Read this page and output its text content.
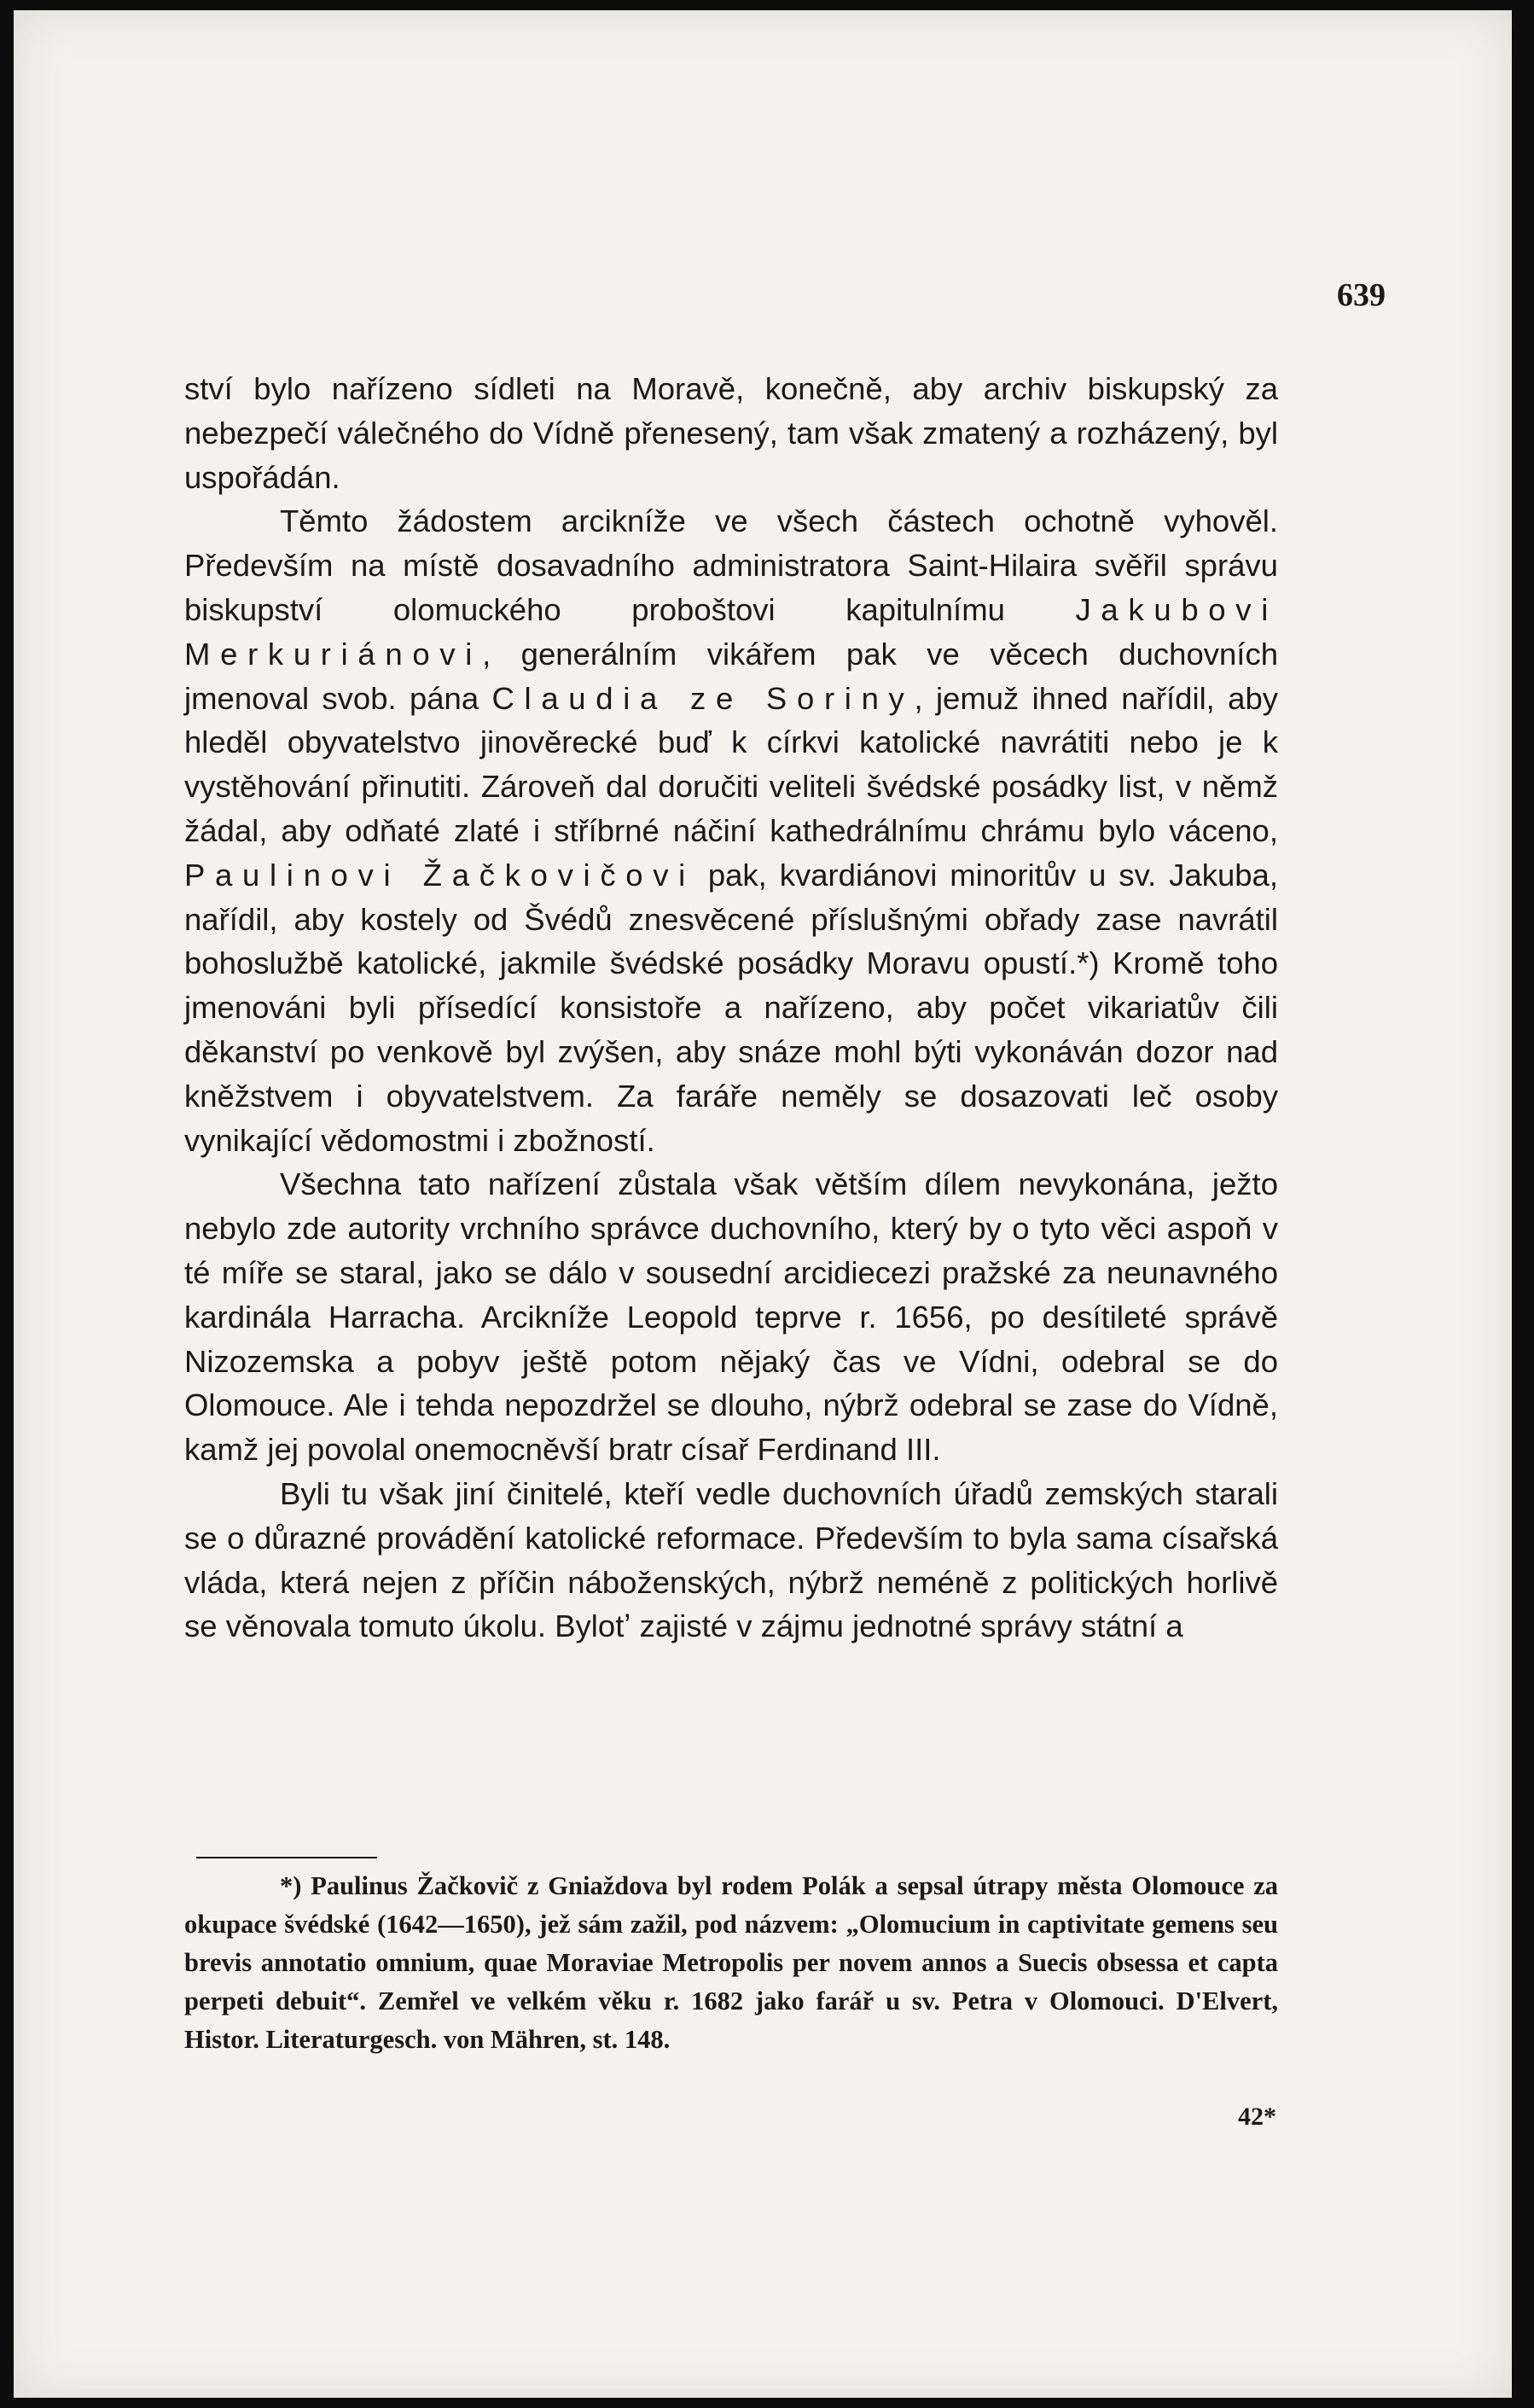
639

ství bylo nařízeno sídleti na Moravě, konečně, aby archiv biskupský za nebezpečí válečného do Vídně přenesený, tam však zmatený a rozházený, byl uspořádán.

Těmto žádostem arcikníže ve všech částech ochotně vyhověl. Především na místě dosavadního administratora Saint-Hilaira svěřil správu biskupství olomuckého proboštovi kapitulnímu Jakubovi Merkuriánovi, generálním vikářem pak ve věcech duchovních jmenoval svob. pána Claudia ze Soriny, jemuž ihned nařídil, aby hleděl obyvatelstvo jinověrecké buď k církvi katolické navrátiti nebo je k vystěhování přinutiti. Zároveň dal doručiti veliteli švédské posádky list, v němž žádal, aby odňaté zlaté i stříbrné náčiní kathedrálnímu chrámu bylo váceno, Paulinovi Žačkovičovi pak, kvardiánovi minoritův u sv. Jakuba, nařídil, aby kostely od Švédů znesvěcené příslušnými obřady zase navrátil bohoslužbě katolické, jakmile švédské posádky Moravu opustí.*) Kromě toho jmenováni byli přísedící konsistoře a nařízeno, aby počet vikariatův čili děkanství po venkově byl zvýšen, aby snáze mohl býti vykonáván dozor nad kněžstvem i obyvatelstvem. Za faráře neměly se dosazovati leč osoby vynikající vědomostmi i zbožností.

Všechna tato nařízení zůstala však větším dílem nevykonána, ježto nebylo zde autority vrchního správce duchovního, který by o tyto věci aspoň v té míře se staral, jako se dálo v sousední arcidiecezi pražské za neunavného kardinála Harracha. Arcikníže Leopold teprve r. 1656, po desítileté správě Nizozemska a pobyv ještě potom nějaký čas ve Vídni, odebral se do Olomouce. Ale i tehda nepozdržel se dlouho, nýbrž odebral se zase do Vídně, kamž jej povolal onemocněvší bratr císař Ferdinand III.

Byli tu však jiní činitelé, kteří vedle duchovních úřadů zemských starali se o důrazné provádění katolické reformace. Především to byla sama císařská vláda, která nejen z příčin náboženských, nýbrž neméně z politických horlivě se věnovala tomuto úkolu. Bylotʼ zajisté v zájmu jednotné správy státní a

*) Paulinus Žačkovič z Gniaždova byl rodem Polák a sepsal útrapy města Olomouce za okupace švédské (1642—1650), jež sám zažil, pod názvem: „Olomucium in captivitate gemens seu brevis annotatio omnium, quae Moraviae Metropolis per novem annos a Suecis obsessa et capta perpeti debuit“. Zemřel ve velkém věku r. 1682 jako farář u sv. Petra v Olomouci. D'Elvert, Histor. Literaturgesch. von Mähren, st. 148.

42*
